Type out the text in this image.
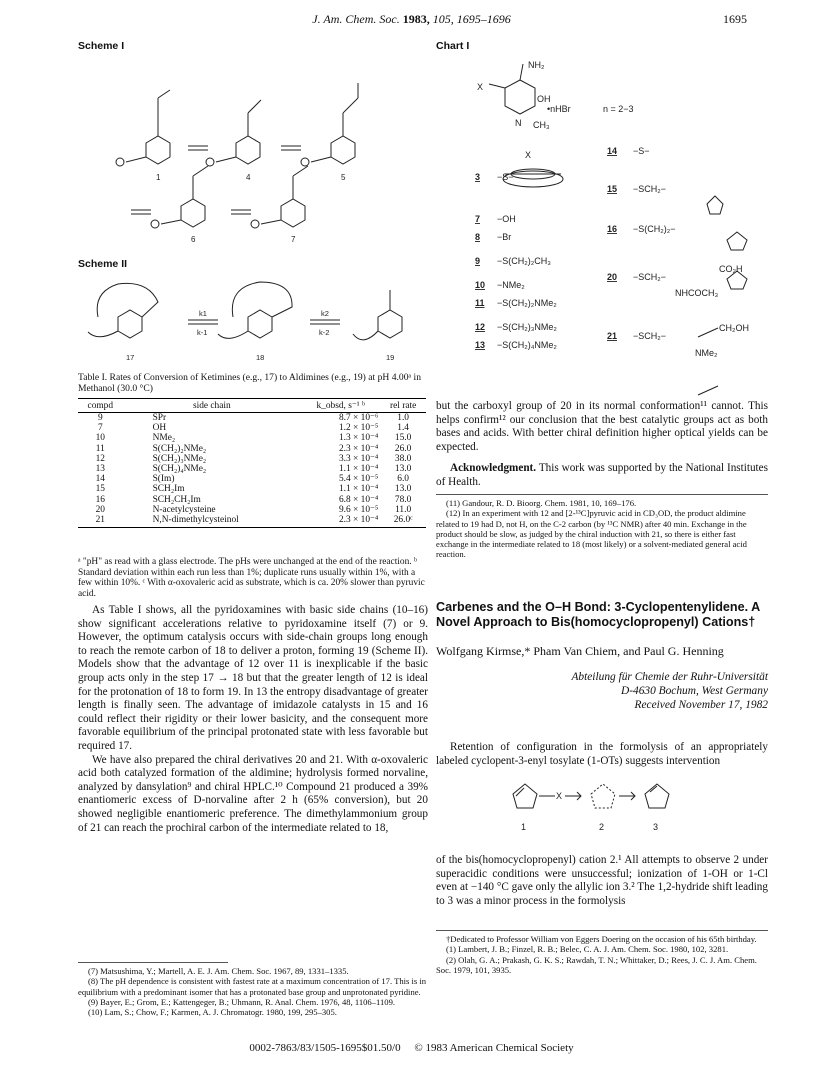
J. Am. Chem. Soc. 1983, 105, 1695–1696	1695
Scheme I
1	4	5
6	7
Scheme II
k1
k-1
k2
k-2
17	18	19
Table I. Rates of Conversion of Ketimines (e.g., 17) to Aldimines (e.g., 19) at pH 4.00ᵃ in Methanol (30.0 °C)
compd	side chain	k_obsd, s⁻¹ ᵇ	rel rate
9	SPr	8.7 × 10⁻⁶	1.0
7	OH	1.2 × 10⁻⁵	1.4
10	NMe₂	1.3 × 10⁻⁴	15.0
11	S(CH₂)₂NMe₂	2.3 × 10⁻⁴	26.0
12	S(CH₂)₃NMe₂	3.3 × 10⁻⁴	38.0
13	S(CH₂)₄NMe₂	1.1 × 10⁻⁴	13.0
14	S(Im)	5.4 × 10⁻⁵	6.0
15	SCH₂Im	1.1 × 10⁻⁴	13.0
16	SCH₂CH₂Im	6.8 × 10⁻⁴	78.0
20	N-acetylcysteine	9.6 × 10⁻⁵	11.0
21	N,N-dimethylcysteinol	2.3 × 10⁻⁴	26.0ᶜ
ᵃ "pH" as read with a glass electrode. The pHs were unchanged at the end of the reaction. ᵇ Standard deviation within each run less than 1%; duplicate runs usually within 1%, with a few within 10%. ᶜ With α-oxovaleric acid as substrate, which is ca. 20% slower than pyruvic acid.

As Table I shows, all the pyridoxamines with basic side chains (10–16) show significant accelerations relative to pyridoxamine itself (7) or 9. However, the optimum catalysis occurs with side-chain groups long enough to reach the remote carbon of 18 to deliver a proton, forming 19 (Scheme II). Models show that the advantage of 12 over 11 is inexplicable if the basic group acts only in the step 17 → 18 but that the greater length of 12 is ideal for the protonation of 18 to form 19. In 13 the entropy disadvantage of greater length is finally seen. The advantage of imidazole catalysts in 15 and 16 could reflect their rigidity or their lower basicity, and the consequent more favorable equilibrium of the principal protonated state with less favorable but required 17.

We have also prepared the chiral derivatives 20 and 21. With α-oxovaleric acid both catalyzed formation of the aldimine; hydrolysis formed norvaline, analyzed by dansylation⁹ and chiral HPLC.¹⁰ Compound 21 produced a 39% enantiomeric excess of D-norvaline after 2 h (65% conversion), but 20 showed negligible enantiomeric preference. The dimethylammonium group of 21 can reach the prochiral carbon of the intermediate related to 18,

(7) Matsushima, Y.; Martell, A. E. J. Am. Chem. Soc. 1967, 89, 1331–1335.
(8) The pH dependence is consistent with fastest rate at a maximum concentration of 17. This is in equilibrium with a predominant isomer that has a protonated base group and unprotonated pyridine.
(9) Bayer, E.; Grom, E.; Kattengeger, B.; Uhmann, R. Anal. Chem. 1976, 48, 1106–1109.
(10) Lam, S.; Chow, F.; Karmen, A. J. Chromatogr. 1980, 199, 295–305.
Chart I
NH₂
OH
•nHBr	n = 2−3
N CH₃
X
X
3 −S−
7 −OH
8 −Br
9 −S(CH₂)₂CH₃
10 −NMe₂
11 −S(CH₂)₂NMe₂
12 −S(CH₂)₃NMe₂
13 −S(CH₂)₄NMe₂
14 −S−
15 −SCH₂−
16 −S(CH₂)₂−
20 −SCH₂−
CO₂H
NHCOCH₃
21 −SCH₂−
CH₂OH
NMe₂

but the carboxyl group of 20 in its normal conformation¹¹ cannot. This helps confirm¹² our conclusion that the best catalytic groups act as both bases and acids. With better chiral definition higher optical yields can be expected.

Acknowledgment. This work was supported by the National Institutes of Health.

(11) Gandour, R. D. Bioorg. Chem. 1981, 10, 169–176.
(12) In an experiment with 12 and [2-¹³C]pyruvic acid in CD₃OD, the product aldimine related to 19 had D, not H, on the C-2 carbon (by ¹³C NMR) after 40 min. Exchange in the product should be slow, as judged by the chiral induction with 21, so there is either fast exchange in the intermediate related to 18 (most likely) or a solvent-mediated general acid reaction.
Carbenes and the O–H Bond: 3-Cyclopentenylidene. A Novel Approach to Bis(homocyclopropenyl) Cations†
Wolfgang Kirmse,* Pham Van Chiem, and Paul G. Henning
Abteilung für Chemie der Ruhr-Universität
D-4630 Bochum, West Germany
Received November 17, 1982

Retention of configuration in the formolysis of an appropriately labeled cyclopent-3-enyl tosylate (1-OTs) suggests intervention

X
1	2	3

of the bis(homocyclopropenyl) cation 2.¹ All attempts to observe 2 under superacidic conditions were unsuccessful; ionization of 1-OH or 1-Cl even at −140 °C gave only the allylic ion 3.² The 1,2-hydride shift leading to 3 was a minor process in the formolysis

†Dedicated to Professor William von Eggers Doering on the occasion of his 65th birthday.
(1) Lambert, J. B.; Finzel, R. B.; Belec, C. A. J. Am. Chem. Soc. 1980, 102, 3281.
(2) Olah, G. A.; Prakash, G. K. S.; Rawdah, T. N.; Whittaker, D.; Rees, J. C. J. Am. Chem. Soc. 1979, 101, 3935.
0002-7863/83/1505-1695$01.50/0 © 1983 American Chemical Society
